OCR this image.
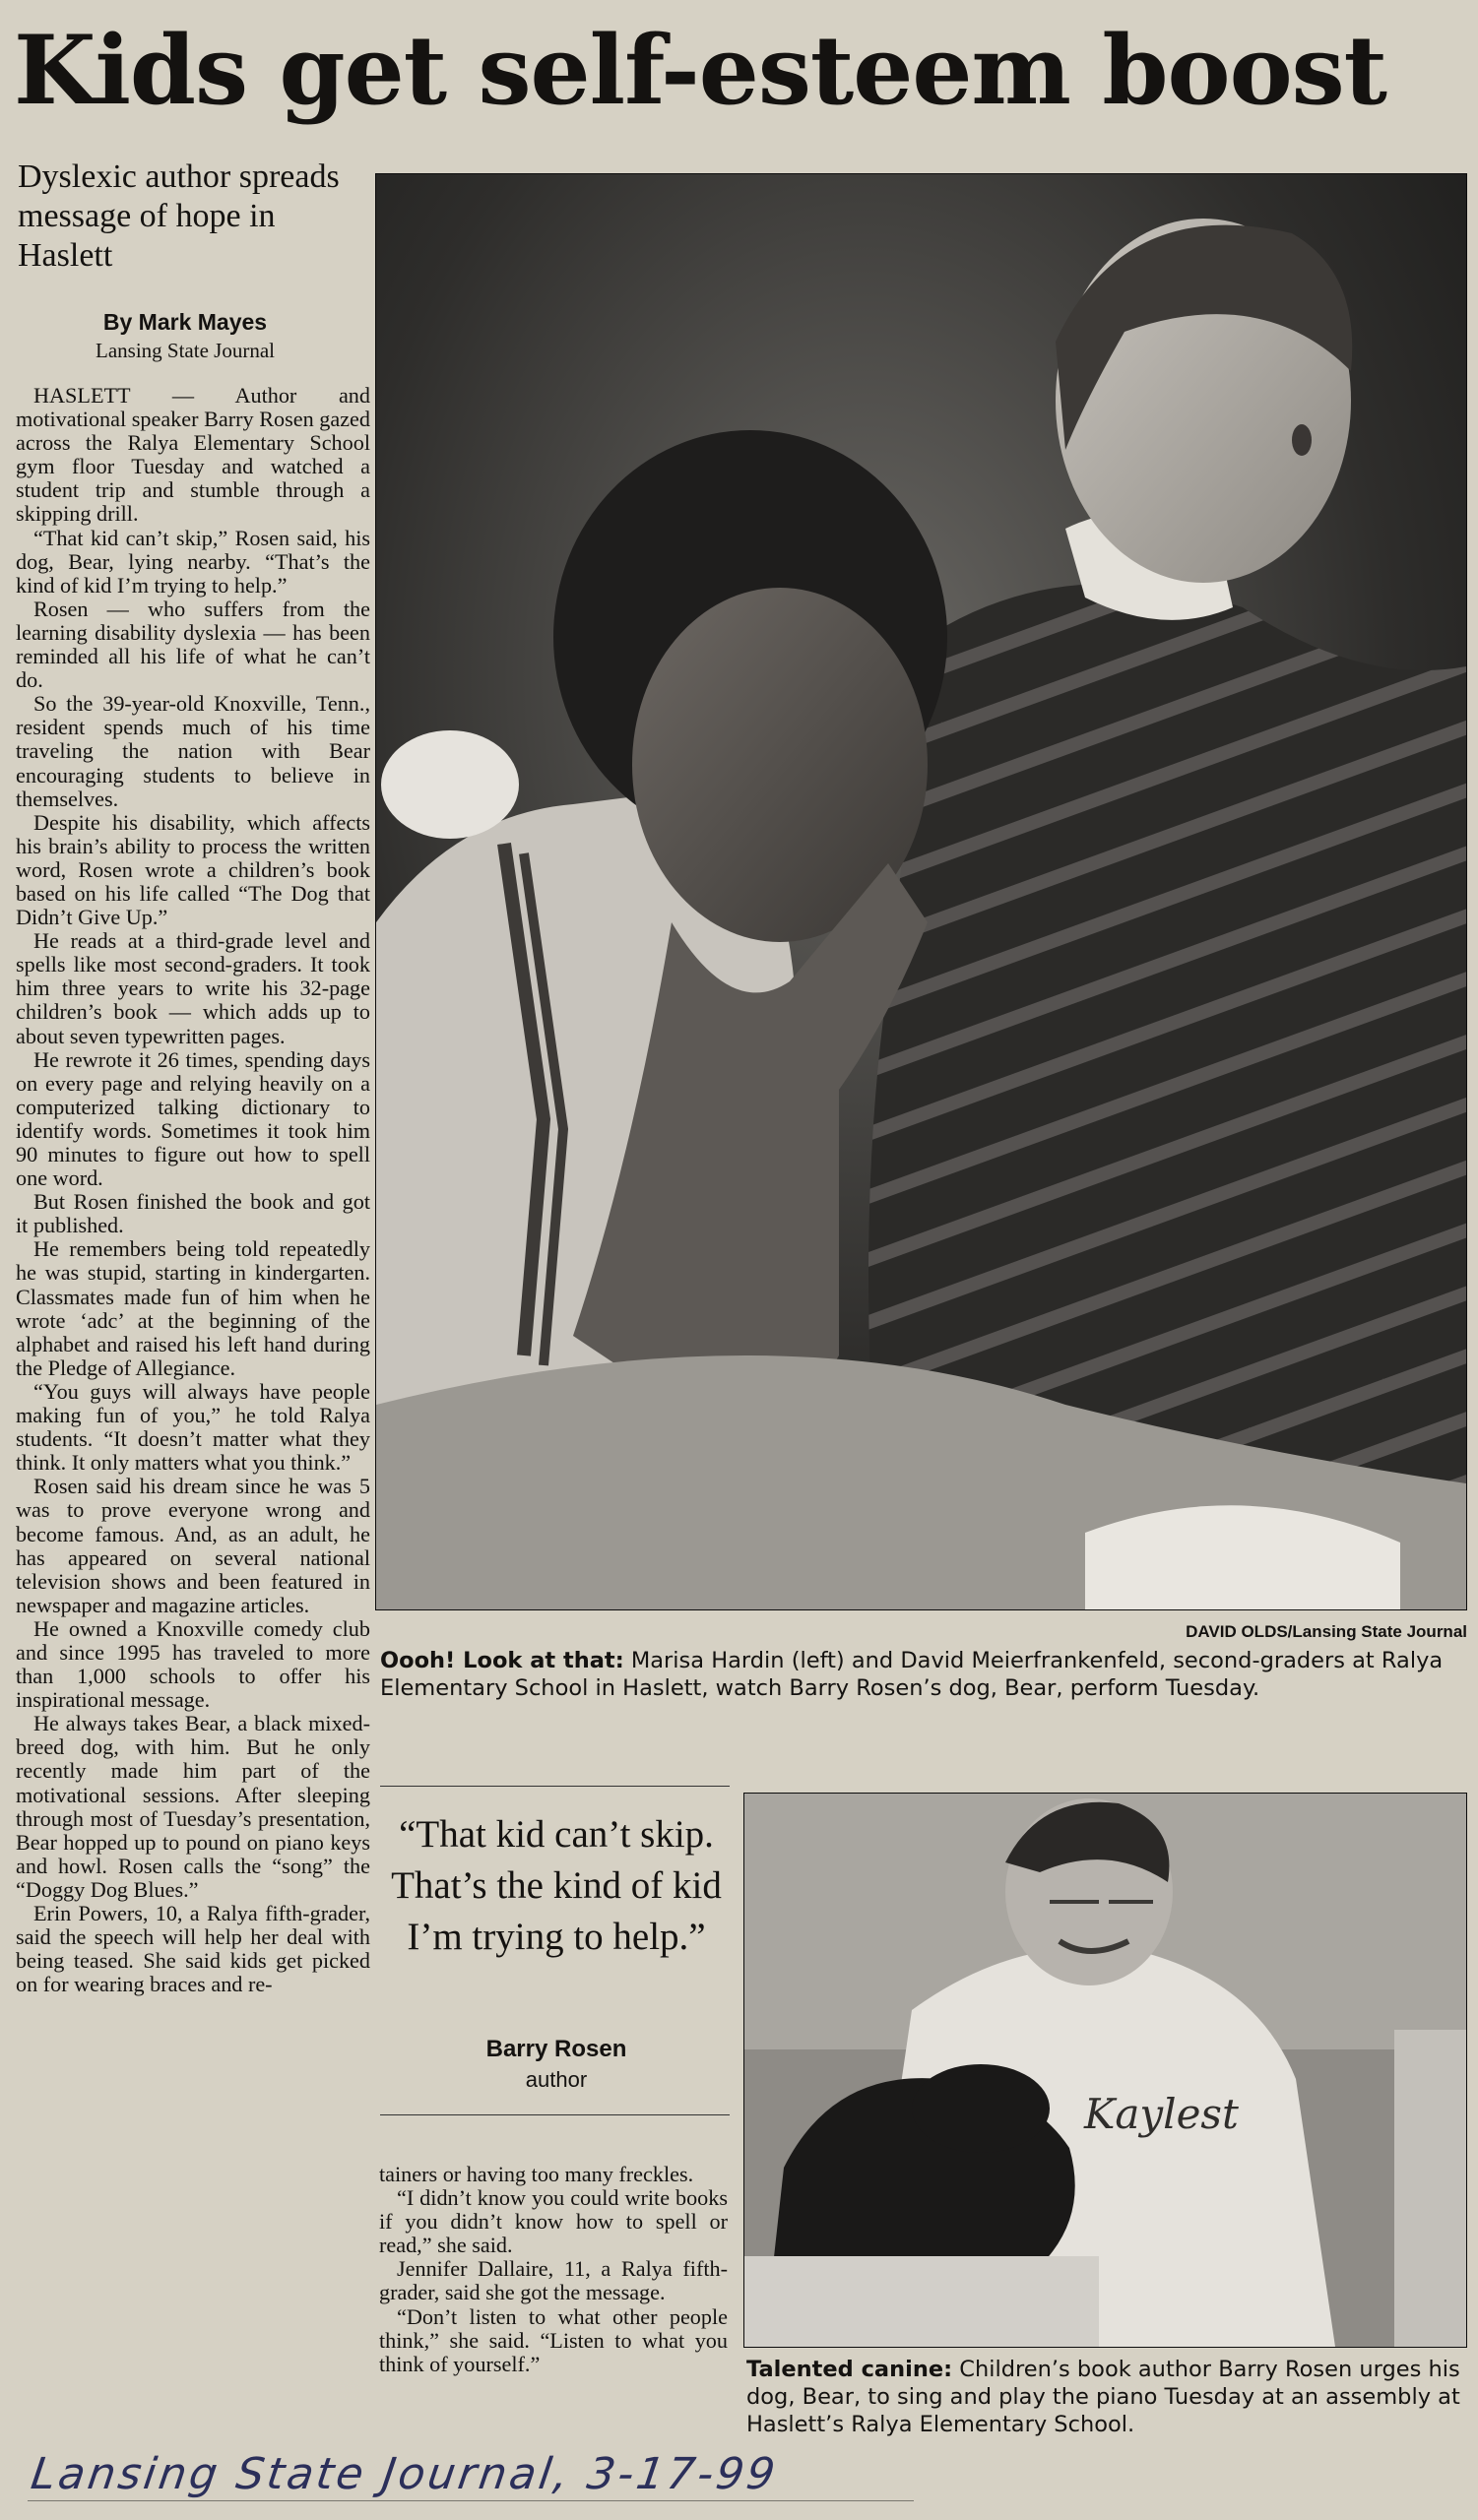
Kids get self-esteem boost
Dyslexic author spreads message of hope in Haslett
By Mark Mayes
Lansing State Journal

HASLETT — Author and motivational speaker Barry Rosen gazed across the Ralya Elementary School gym floor Tuesday and watched a student trip and stumble through a skipping drill.

“That kid can’t skip,” Rosen said, his dog, Bear, lying nearby. “That’s the kind of kid I’m trying to help.”

Rosen — who suffers from the learning disability dyslexia — has been reminded all his life of what he can’t do.

So the 39-year-old Knoxville, Tenn., resident spends much of his time traveling the nation with Bear encouraging students to believe in themselves.

Despite his disability, which affects his brain’s ability to process the written word, Rosen wrote a children’s book based on his life called “The Dog that Didn’t Give Up.”

He reads at a third-grade level and spells like most second-graders. It took him three years to write his 32-page children’s book — which adds up to about seven typewritten pages.

He rewrote it 26 times, spending days on every page and relying heavily on a computerized talking dictionary to identify words. Sometimes it took him 90 minutes to figure out how to spell one word.

But Rosen finished the book and got it published.

He remembers being told repeatedly he was stupid, starting in kindergarten. Classmates made fun of him when he wrote ‘adc’ at the beginning of the alphabet and raised his left hand during the Pledge of Allegiance.

“You guys will always have people making fun of you,” he told Ralya students. “It doesn’t matter what they think. It only matters what you think.”

Rosen said his dream since he was 5 was to prove everyone wrong and become famous. And, as an adult, he has appeared on several national television shows and been featured in newspaper and magazine articles.

He owned a Knoxville comedy club and since 1995 has traveled to more than 1,000 schools to offer his inspirational message.

He always takes Bear, a black mixed-breed dog, with him. But he only recently made him part of the motivational sessions. After sleeping through most of Tuesday’s presentation, Bear hopped up to pound on piano keys and howl. Rosen calls the “song” the “Doggy Dog Blues.”

Erin Powers, 10, a Ralya fifth-grader, said the speech will help her deal with being teased. She said kids get picked on for wearing braces and re-

DAVID OLDS/Lansing State Journal
Oooh! Look at that: Marisa Hardin (left) and David Meierfrankenfeld, second-graders at Ralya Elementary School in Haslett, watch Barry Rosen’s dog, Bear, perform Tuesday.

“That kid can’t skip. That’s the kind of kid I’m trying to help.”

Barry Rosen
author

tainers or having too many freckles.

“I didn’t know you could write books if you didn’t know how to spell or read,” she said.

Jennifer Dallaire, 11, a Ralya fifth-grader, said she got the message.

“Don’t listen to what other people think,” she said. “Listen to what you think of yourself.”

Kaylest
Talented canine: Children’s book author Barry Rosen urges his dog, Bear, to sing and play the piano Tuesday at an assembly at Haslett’s Ralya Elementary School.
Lansing State Journal, 3-17-99
